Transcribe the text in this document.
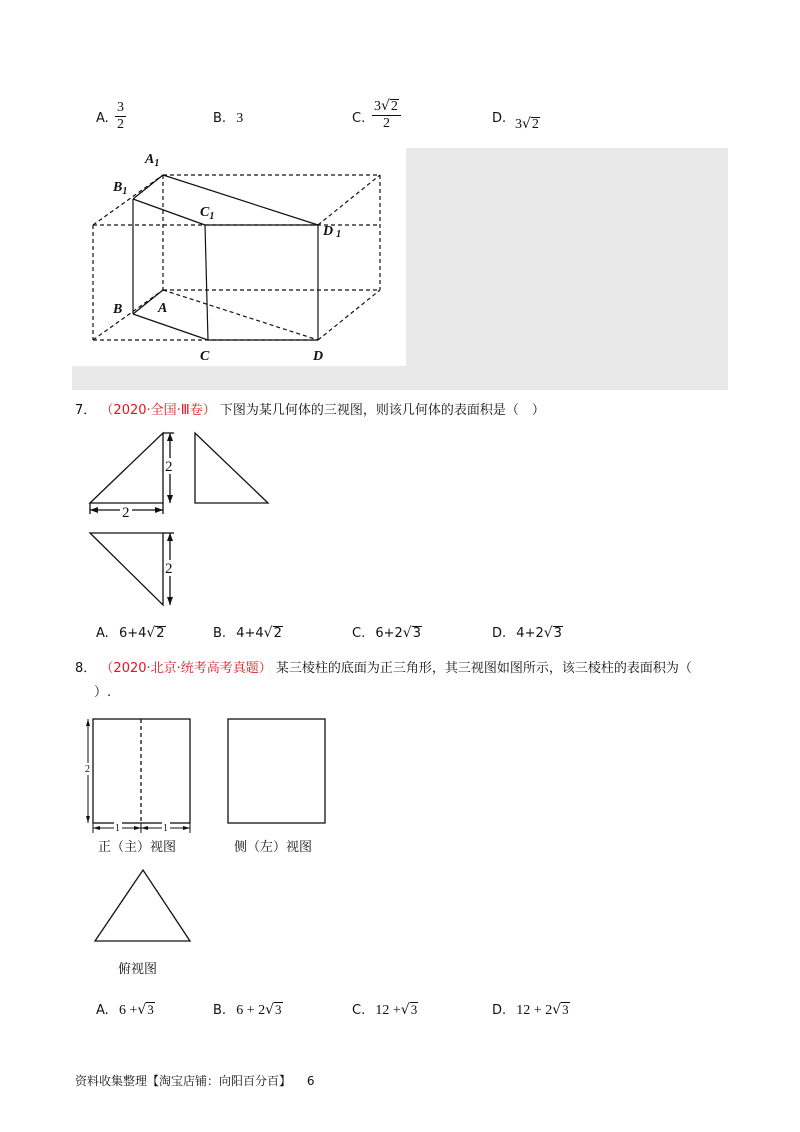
A. $\frac{3}{2}$	B. 3	C. $\frac{3 √ 2}{2}$	D. 3 √ 2
$A_1$
$B_1$
$C_1$
D 1
A
B
C	D
7． （2020·全国·Ⅲ卷） 下图为某几何体的三视图，则该几何体的表面积是（　）
2
2
2
A. 6+4 √ 2	B. 4+4 √ 2	C. 6+2 √ 3	D. 4+2 √ 3
8． （2020·北京·统考高考真题） 某三棱柱的底面为正三角形，其三视图如图所示，该三棱柱的表面积为（
）.
2
1	1
正（主）视图	侧（左）视图
俯视图
A. 6 + √ 3	B. 6 + 2 √ 3	C. 12 + √ 3	D. 12 + 2 √ 3
资料收集整理【淘宝店铺：向阳百分百】 6
